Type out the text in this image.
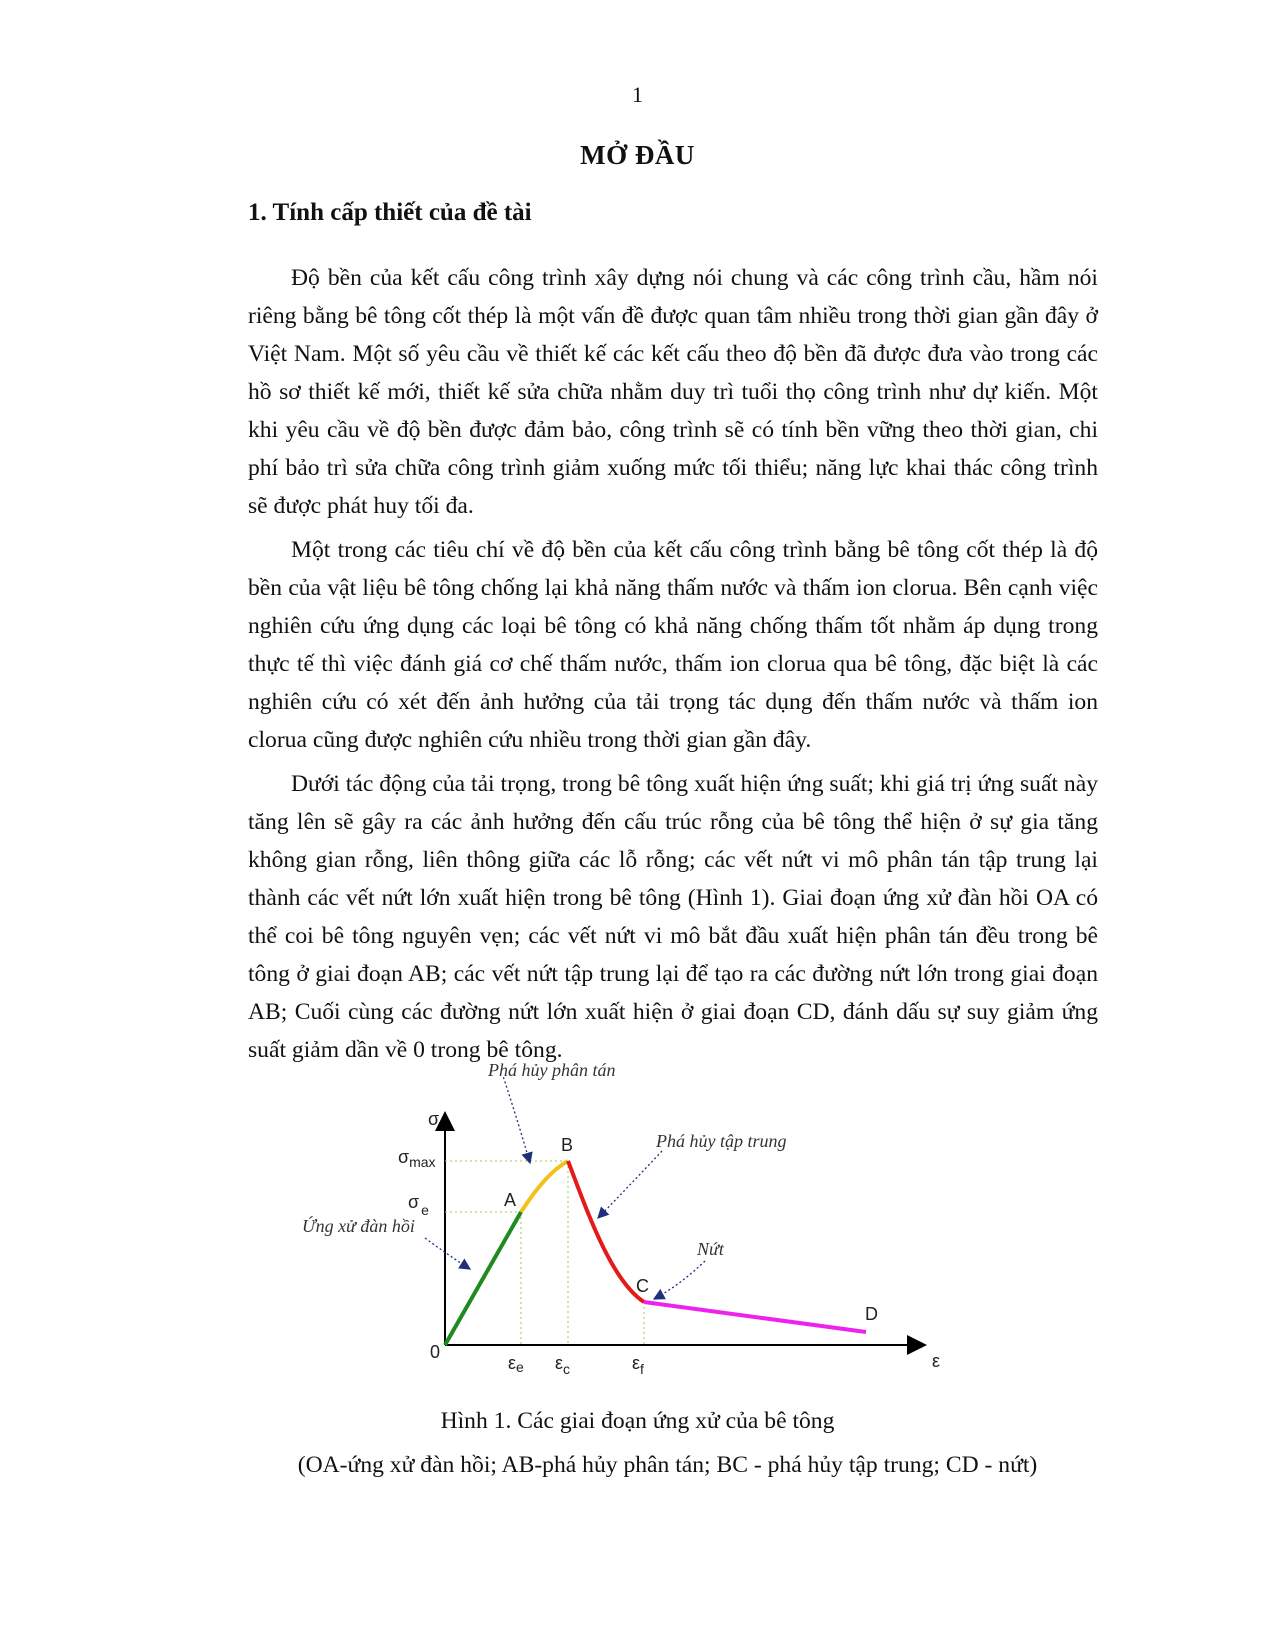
1
MỞ ĐẦU
1. Tính cấp thiết của đề tài

Độ bền của kết cấu công trình xây dựng nói chung và các công trình cầu, hầm nói riêng bằng bê tông cốt thép là một vấn đề được quan tâm nhiều trong thời gian gần đây ở Việt Nam. Một số yêu cầu về thiết kế các kết cấu theo độ bền đã được đưa vào trong các hồ sơ thiết kế mới, thiết kế sửa chữa nhằm duy trì tuổi thọ công trình như dự kiến. Một khi yêu cầu về độ bền được đảm bảo, công trình sẽ có tính bền vững theo thời gian, chi phí bảo trì sửa chữa công trình giảm xuống mức tối thiểu; năng lực khai thác công trình sẽ được phát huy tối đa.

Một trong các tiêu chí về độ bền của kết cấu công trình bằng bê tông cốt thép là độ bền của vật liệu bê tông chống lại khả năng thấm nước và thấm ion clorua. Bên cạnh việc nghiên cứu ứng dụng các loại bê tông có khả năng chống thấm tốt nhằm áp dụng trong thực tế thì việc đánh giá cơ chế thấm nước, thấm ion clorua qua bê tông, đặc biệt là các nghiên cứu có xét đến ảnh hưởng của tải trọng tác dụng đến thấm nước và thấm ion clorua cũng được nghiên cứu nhiều trong thời gian gần đây.

Dưới tác động của tải trọng, trong bê tông xuất hiện ứng suất; khi giá trị ứng suất này tăng lên sẽ gây ra các ảnh hưởng đến cấu trúc rỗng của bê tông thể hiện ở sự gia tăng không gian rỗng, liên thông giữa các lỗ rỗng; các vết nứt vi mô phân tán tập trung lại thành các vết nứt lớn xuất hiện trong bê tông (Hình 1). Giai đoạn ứng xử đàn hồi OA có thể coi bê tông nguyên vẹn; các vết nứt vi mô bắt đầu xuất hiện phân tán đều trong bê tông ở giai đoạn AB; các vết nứt tập trung lại để tạo ra các đường nứt lớn trong giai đoạn AB; Cuối cùng các đường nứt lớn xuất hiện ở giai đoạn CD, đánh dấu sự suy giảm ứng suất giảm dần về 0 trong bê tông.

σ
ε
0
$\sigma_{max}$
σ $_e$
εe $\varepsilon_c$	$\varepsilon_f$
A
B
C
D
Ứng xử đàn hồi
Phá hủy tập trung
Nứt
Phá hủy phân tán
Hình 1. Các giai đoạn ứng xử của bê tông
(OA-ứng xử đàn hồi; AB-phá hủy phân tán; BC - phá hủy tập trung; CD - nứt)
